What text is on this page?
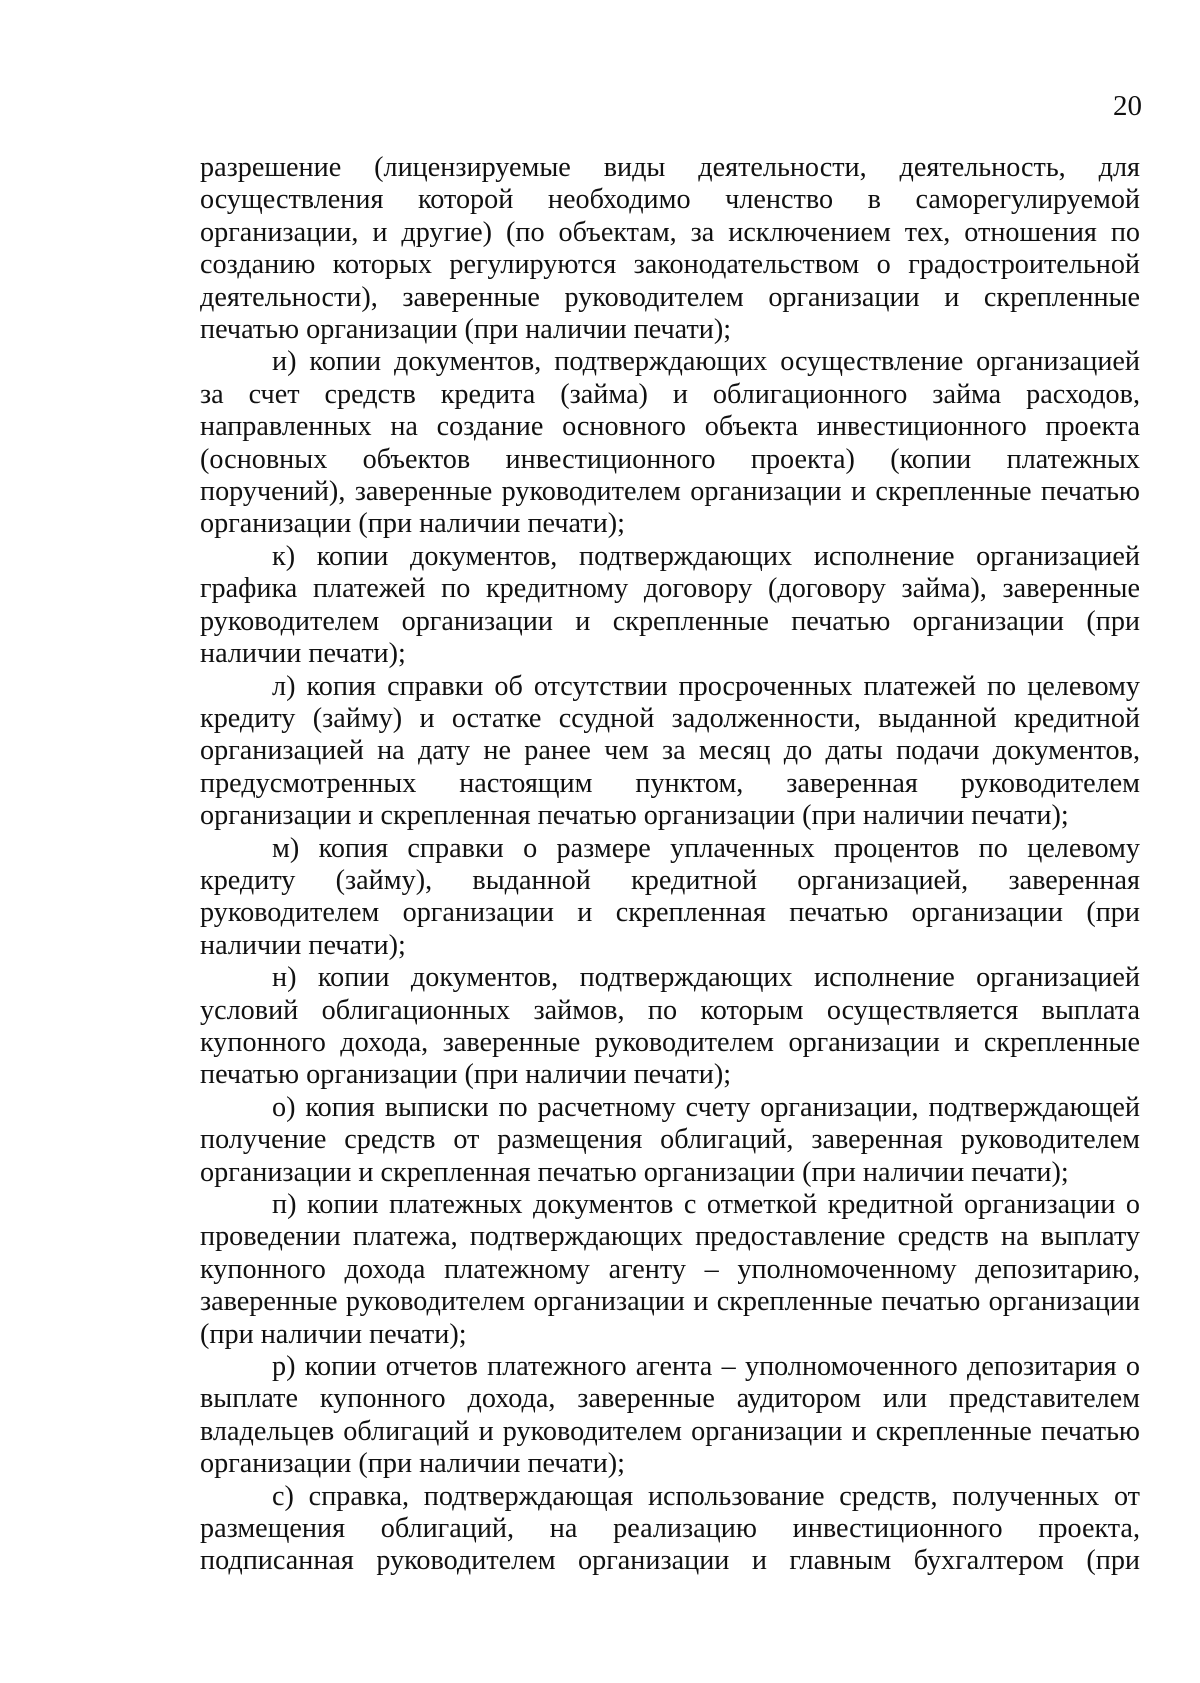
20

разрешение (лицензируемые виды деятельности, деятельность, для осуществления которой необходимо членство в саморегулируемой организации, и другие) (по объектам, за исключением тех, отношения по созданию которых регулируются законодательством о градостроительной деятельности), заверенные руководителем организации и скрепленные печатью организации (при наличии печати);

и) копии документов, подтверждающих осуществление организацией за счет средств кредита (займа) и облигационного займа расходов, направленных на создание основного объекта инвестиционного проекта (основных объектов инвестиционного проекта) (копии платежных поручений), заверенные руководителем организации и скрепленные печатью организации (при наличии печати);

к) копии документов, подтверждающих исполнение организацией графика платежей по кредитному договору (договору займа), заверенные руководителем организации и скрепленные печатью организации (при наличии печати);

л) копия справки об отсутствии просроченных платежей по целевому кредиту (займу) и остатке ссудной задолженности, выданной кредитной организацией на дату не ранее чем за месяц до даты подачи документов, предусмотренных настоящим пунктом, заверенная руководителем организации и скрепленная печатью организации (при наличии печати);

м) копия справки о размере уплаченных процентов по целевому кредиту (займу), выданной кредитной организацией, заверенная руководителем организации и скрепленная печатью организации (при наличии печати);

н) копии документов, подтверждающих исполнение организацией условий облигационных займов, по которым осуществляется выплата купонного дохода, заверенные руководителем организации и скрепленные печатью организации (при наличии печати);

о) копия выписки по расчетному счету организации, подтверждающей получение средств от размещения облигаций, заверенная руководителем организации и скрепленная печатью организации (при наличии печати);

п) копии платежных документов с отметкой кредитной организации о проведении платежа, подтверждающих предоставление средств на выплату купонного дохода платежному агенту – уполномоченному депозитарию, заверенные руководителем организации и скрепленные печатью организации (при наличии печати);

р) копии отчетов платежного агента – уполномоченного депозитария о выплате купонного дохода, заверенные аудитором или представителем владельцев облигаций и руководителем организации и скрепленные печатью организации (при наличии печати);

с) справка, подтверждающая использование средств, полученных от размещения облигаций, на реализацию инвестиционного проекта, подписанная руководителем организации и главным бухгалтером (при
